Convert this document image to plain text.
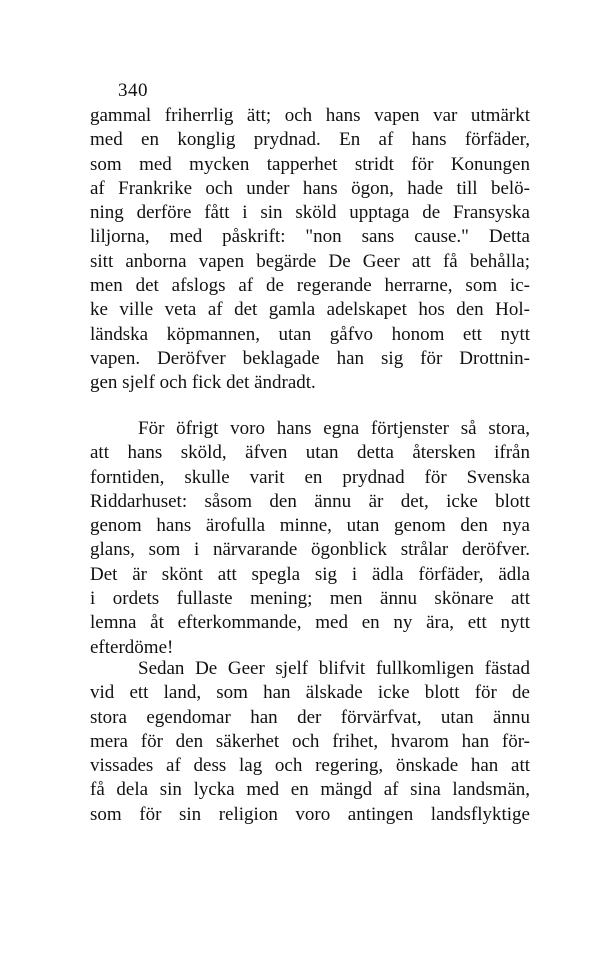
340
gammal friherrlig ätt; och hans vapen var utmärkt
med en konglig prydnad. En af hans förfäder,
som med mycken tapperhet stridt för Konungen
af Frankrike och under hans ögon, hade till belö-
ning derföre fått i sin sköld upptaga de Fransyska
liljorna, med påskrift: "non sans cause." Detta
sitt anborna vapen begärde De Geer att få behålla;
men det afslogs af de regerande herrarne, som ic-
ke ville veta af det gamla adelskapet hos den Hol-
ländska köpmannen, utan gåfvo honom ett nytt
vapen. Deröfver beklagade han sig för Drottnin-
gen sjelf och fick det ändradt.
För öfrigt voro hans egna förtjenster så stora,
att hans sköld, äfven utan detta återsken ifrån
forntiden, skulle varit en prydnad för Svenska
Riddarhuset: såsom den ännu är det, icke blott
genom hans ärofulla minne, utan genom den nya
glans, som i närvarande ögonblick strålar deröfver.
Det är skönt att spegla sig i ädla förfäder, ädla
i ordets fullaste mening; men ännu skönare att
lemna åt efterkommande, med en ny ära, ett nytt
efterdöme!
Sedan De Geer sjelf blifvit fullkomligen fästad
vid ett land, som han älskade icke blott för de
stora egendomar han der förvärfvat, utan ännu
mera för den säkerhet och frihet, hvarom han för-
vissades af dess lag och regering, önskade han att
få dela sin lycka med en mängd af sina landsmän,
som för sin religion voro antingen landsflyktige
